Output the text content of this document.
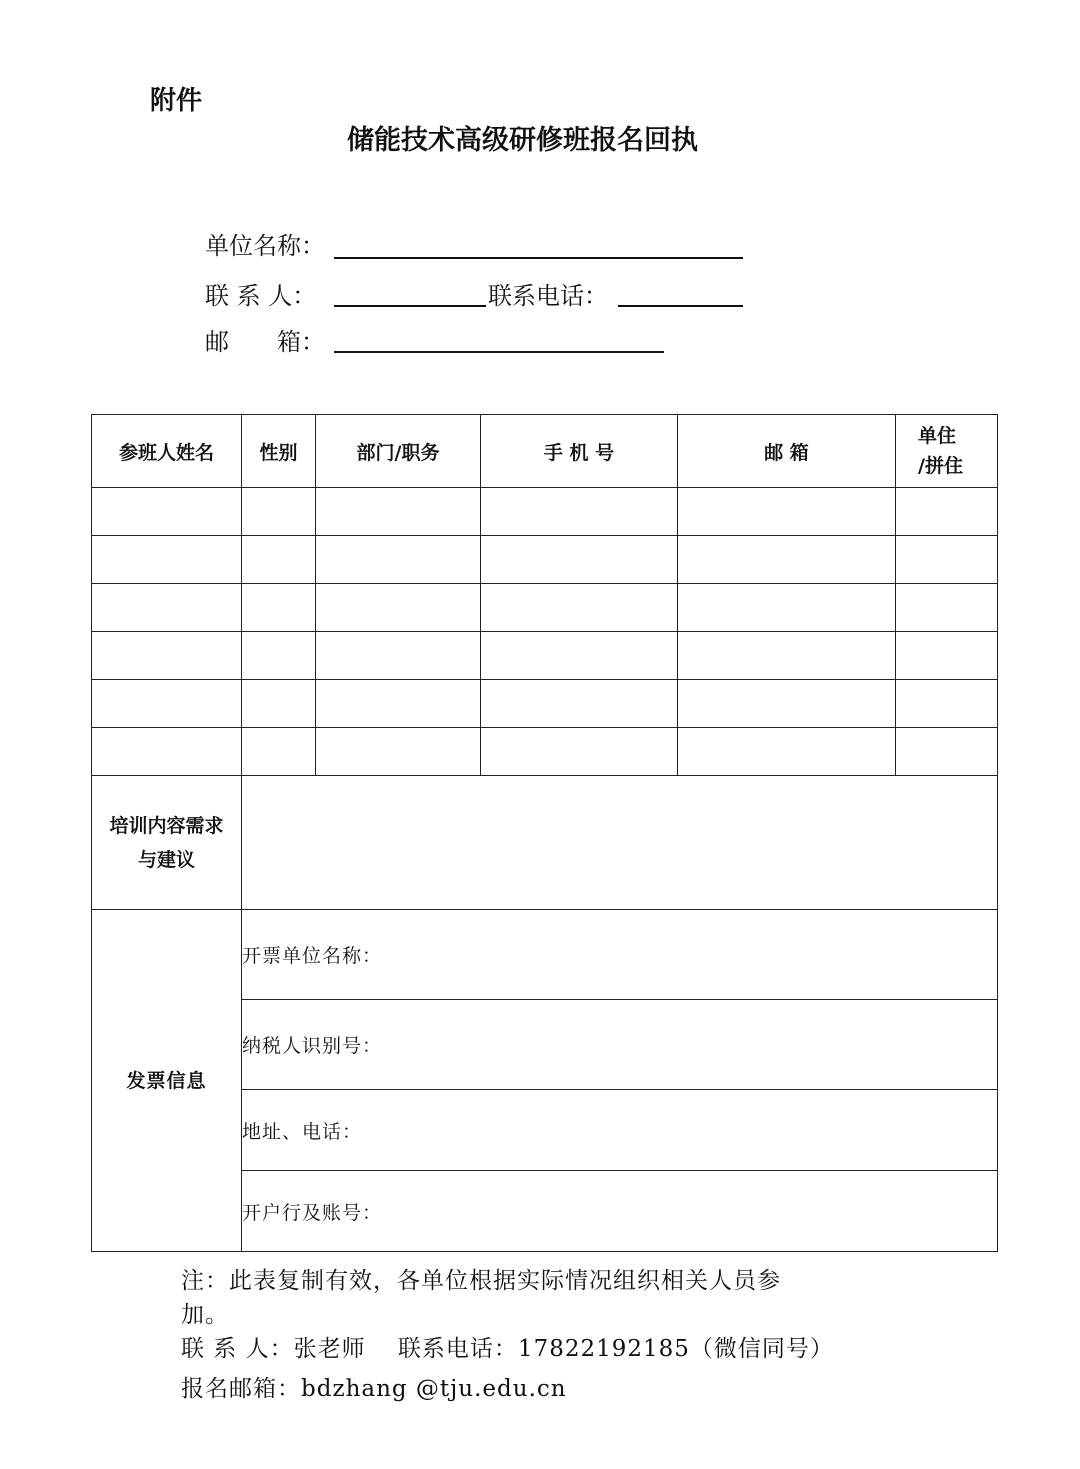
附件
储能技术高级研修班报名回执
单位名称：
联 系 人：	联系电话：
邮　　箱：
参班人姓名	性别	部门/职务	手 机 号	邮 箱	单住
/拼住

培训内容需求
与建议					

发票信息	开票单位名称：				
	纳税人识别号：				
	地址、电话：				
	开户行及账号：				
注：此表复制有效，各单位根据实际情况组织相关人员参
加。
联 系 人：张老师　 联系电话：17822192185（微信同号）
报名邮箱：bdzhang @tju.edu.cn
